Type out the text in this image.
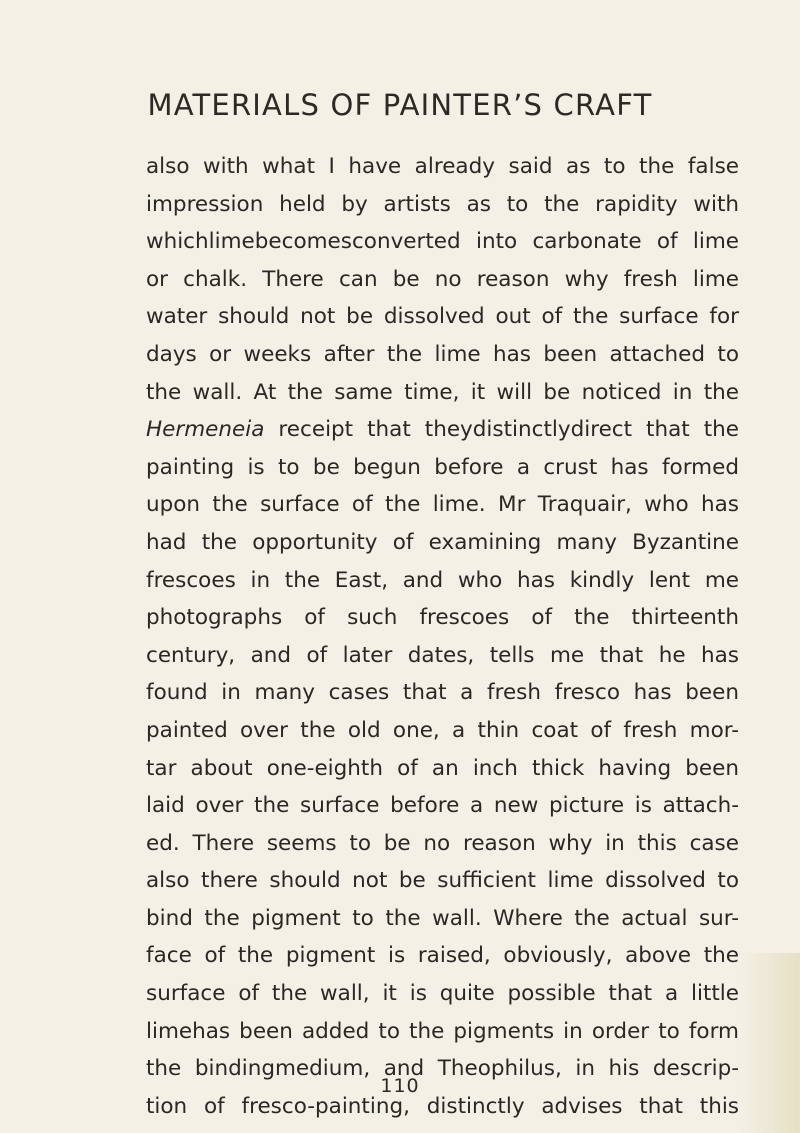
MATERIALS OF PAINTER’S CRAFT
also with what I have already said as to the false
impression held by artists as to the rapidity with
whichlimebecomesconverted into carbonate of lime
or chalk. There can be no reason why fresh lime
water should not be dissolved out of the surface for
days or weeks after the lime has been attached to
the wall. At the same time, it will be noticed in the
Hermeneia receipt that theydistinctlydirect that the
painting is to be begun before a crust has formed
upon the surface of the lime. Mr Traquair, who has
had the opportunity of examining many Byzantine
frescoes in the East, and who has kindly lent me
photographs of such frescoes of the thirteenth
century, and of later dates, tells me that he has
found in many cases that a fresh fresco has been
painted over the old one, a thin coat of fresh mor-
tar about one-eighth of an inch thick having been
laid over the surface before a new picture is attach-
ed. There seems to be no reason why in this case
also there should not be sufficient lime dissolved to
bind the pigment to the wall. Where the actual sur-
face of the pigment is raised, obviously, above the
surface of the wall, it is quite possible that a little
limehas been added to the pigments in order to form
the bindingmedium, and Theophilus, in his descrip-
tion of fresco-painting, distinctly advises that this
110
